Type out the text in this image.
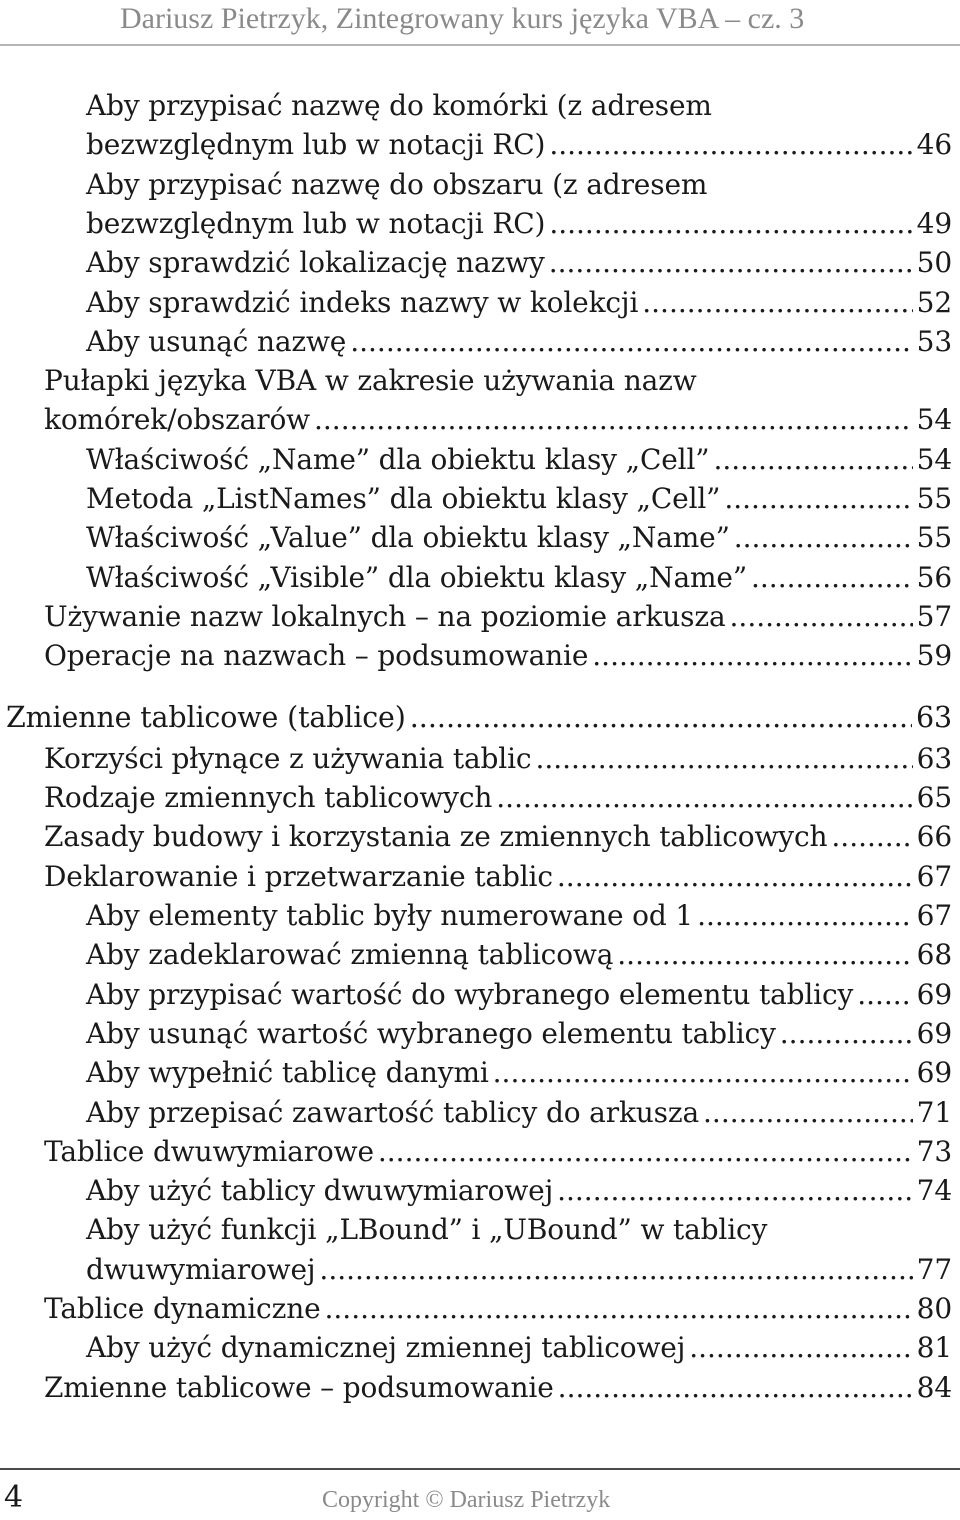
Dariusz Pietrzyk, Zintegrowany kurs języka VBA – cz. 3
Aby przypisać nazwę do komórki (z adresem
bezwzględnym lub w notacji RC) .....	46
Aby przypisać nazwę do obszaru (z adresem
bezwzględnym lub w notacji RC) .....	49
Aby sprawdzić lokalizację nazwy .....	50
Aby sprawdzić indeks nazwy w kolekcji .....	52
Aby usunąć nazwę .....	53
Pułapki języka VBA w zakresie używania nazw
komórek/obszarów .....	54
Właściwość „Name” dla obiektu klasy „Cell” .....	54
Metoda „ListNames” dla obiektu klasy „Cell” .....	55
Właściwość „Value” dla obiektu klasy „Name” .....	55
Właściwość „Visible” dla obiektu klasy „Name” .....	56
Używanie nazw lokalnych – na poziomie arkusza .....	57
Operacje na nazwach – podsumowanie .....	59
Zmienne tablicowe (tablice) .....	63
Korzyści płynące z używania tablic .....	63
Rodzaje zmiennych tablicowych .....	65
Zasady budowy i korzystania ze zmiennych tablicowych .....	66
Deklarowanie i przetwarzanie tablic .....	67
Aby elementy tablic były numerowane od 1 .....	67
Aby zadeklarować zmienną tablicową .....	68
Aby przypisać wartość do wybranego elementu tablicy ..... 69
Aby usunąć wartość wybranego elementu tablicy .....	69
Aby wypełnić tablicę danymi .....	69
Aby przepisać zawartość tablicy do arkusza .....	71
Tablice dwuwymiarowe .....	73
Aby użyć tablicy dwuwymiarowej .....	74
Aby użyć funkcji „LBound” i „UBound” w tablicy
dwuwymiarowej .....	77
Tablice dynamiczne .....	80
Aby użyć dynamicznej zmiennej tablicowej .....	81
Zmienne tablicowe – podsumowanie .....	84
4	Copyright © Dariusz Pietrzyk
